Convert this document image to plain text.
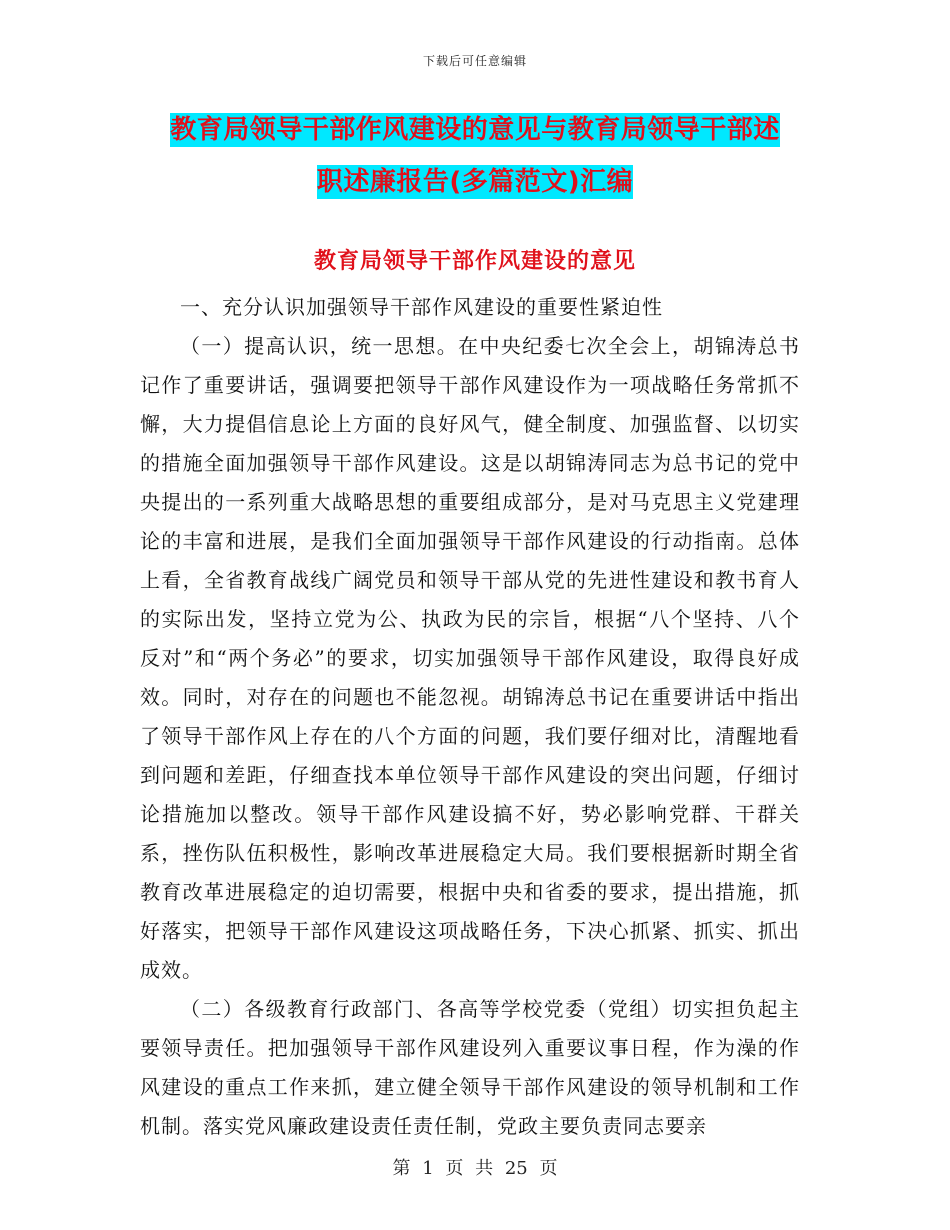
下载后可任意编辑
教育局领导干部作风建设的意见与教育局领导干部述
职述廉报告(多篇范文)汇编
教育局领导干部作风建设的意见

一、充分认识加强领导干部作风建设的重要性紧迫性

（一）提高认识，统一思想。在中央纪委七次全会上，胡锦涛总书记作了重要讲话，强调要把领导干部作风建设作为一项战略任务常抓不懈，大力提倡信息论上方面的良好风气，健全制度、加强监督、以切实的措施全面加强领导干部作风建设。这是以胡锦涛同志为总书记的党中央提出的一系列重大战略思想的重要组成部分，是对马克思主义党建理论的丰富和进展，是我们全面加强领导干部作风建设的行动指南。总体上看，全省教育战线广阔党员和领导干部从党的先进性建设和教书育人的实际出发，坚持立党为公、执政为民的宗旨，根据“八个坚持、八个反对”和“两个务必”的要求，切实加强领导干部作风建设，取得良好成效。同时，对存在的问题也不能忽视。胡锦涛总书记在重要讲话中指出了领导干部作风上存在的八个方面的问题，我们要仔细对比，清醒地看到问题和差距，仔细查找本单位领导干部作风建设的突出问题，仔细讨论措施加以整改。领导干部作风建设搞不好，势必影响党群、干群关系，挫伤队伍积极性，影响改革进展稳定大局。我们要根据新时期全省教育改革进展稳定的迫切需要，根据中央和省委的要求，提出措施，抓好落实，把领导干部作风建设这项战略任务，下决心抓紧、抓实、抓出成效。

（二）各级教育行政部门、各高等学校党委（党组）切实担负起主要领导责任。把加强领导干部作风建设列入重要议事日程，作为澡的作风建设的重点工作来抓，建立健全领导干部作风建设的领导机制和工作机制。落实党风廉政建设责任责任制，党政主要负责同志要亲

第 1 页 共 25 页
